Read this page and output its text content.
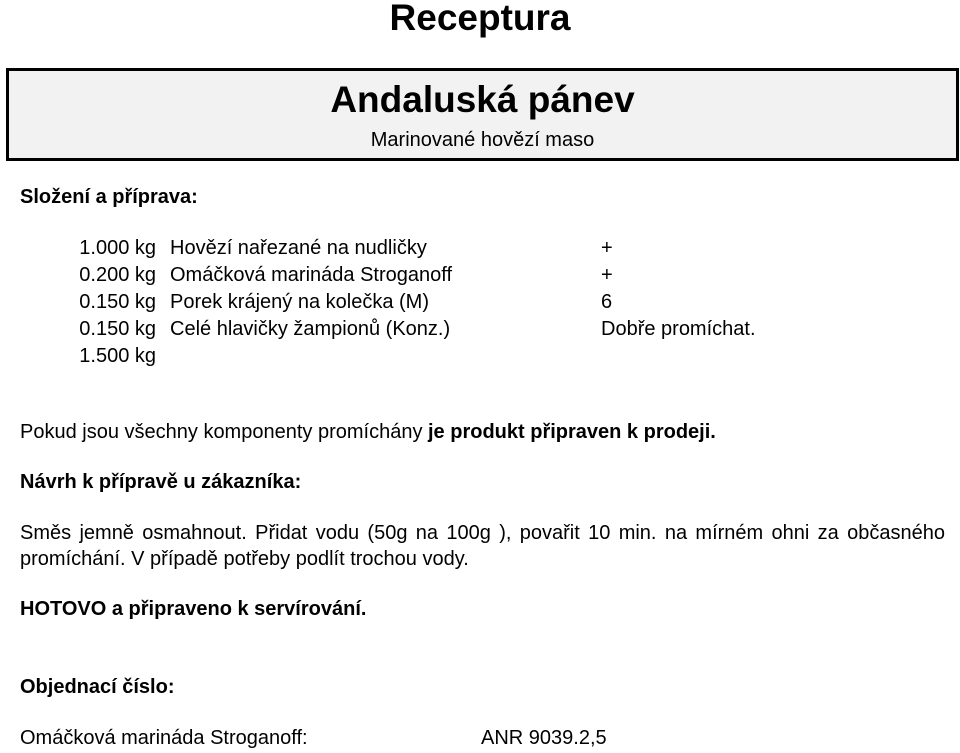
Receptura
Andaluská pánev
Marinované hovězí maso
Složení a příprava:
1.000 kg Hovězí nařezané na nudličky	+
0.200 kg Omáčková marináda Stroganoff	+
0.150 kg Porek krájený na kolečka (M)	6
0.150 kg Celé hlavičky žampionů (Konz.)	Dobře promíchat.
1.500 kg
Pokud jsou všechny komponenty promíchány je produkt připraven k prodeji.
Návrh k přípravě u zákazníka:
Směs jemně osmahnout. Přidat vodu (50g na 100g ), povařit 10 min. na mírném ohni za občasného promíchání. V případě potřeby podlít trochou vody.
HOTOVO a připraveno k servírování.
Objednací číslo:
Omáčková marináda Stroganoff:	ANR 9039.2,5
